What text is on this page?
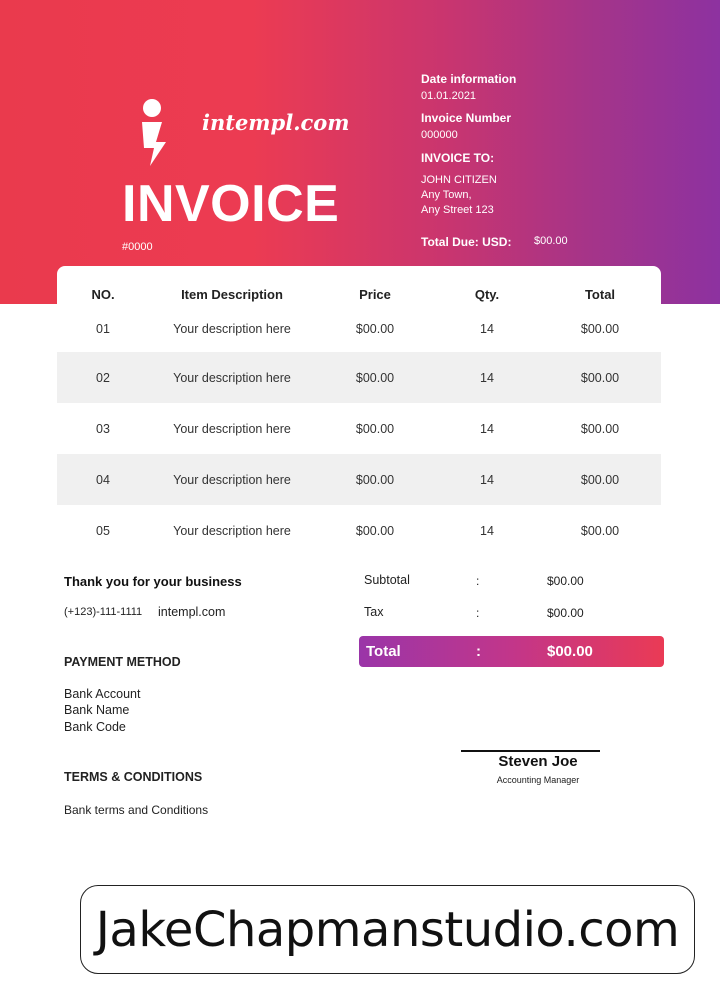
intempl.com
INVOICE
#0000
Date information
01.01.2021
Invoice Number
000000
INVOICE TO:
JOHN CITIZEN
Any Town,
Any Street 123
Total Due: USD: $00.00
NO.	Item Description	Price	Qty.	Total
01	Your description here	$00.00	14	$00.00
02	Your description here	$00.00	14	$00.00
03	Your description here	$00.00	14	$00.00
04	Your description here	$00.00	14	$00.00
05	Your description here	$00.00	14	$00.00
Thank you for your business
(+123)-111-1111 intempl.com
Subtotal	:	$00.00
Tax	:	$00.00
Total	:	$00.00
PAYMENT METHOD
Bank Account
Bank Name
Bank Code
TERMS & CONDITIONS
Bank terms and Conditions
Steven Joe
Accounting Manager
JakeChapmanstudio.com
